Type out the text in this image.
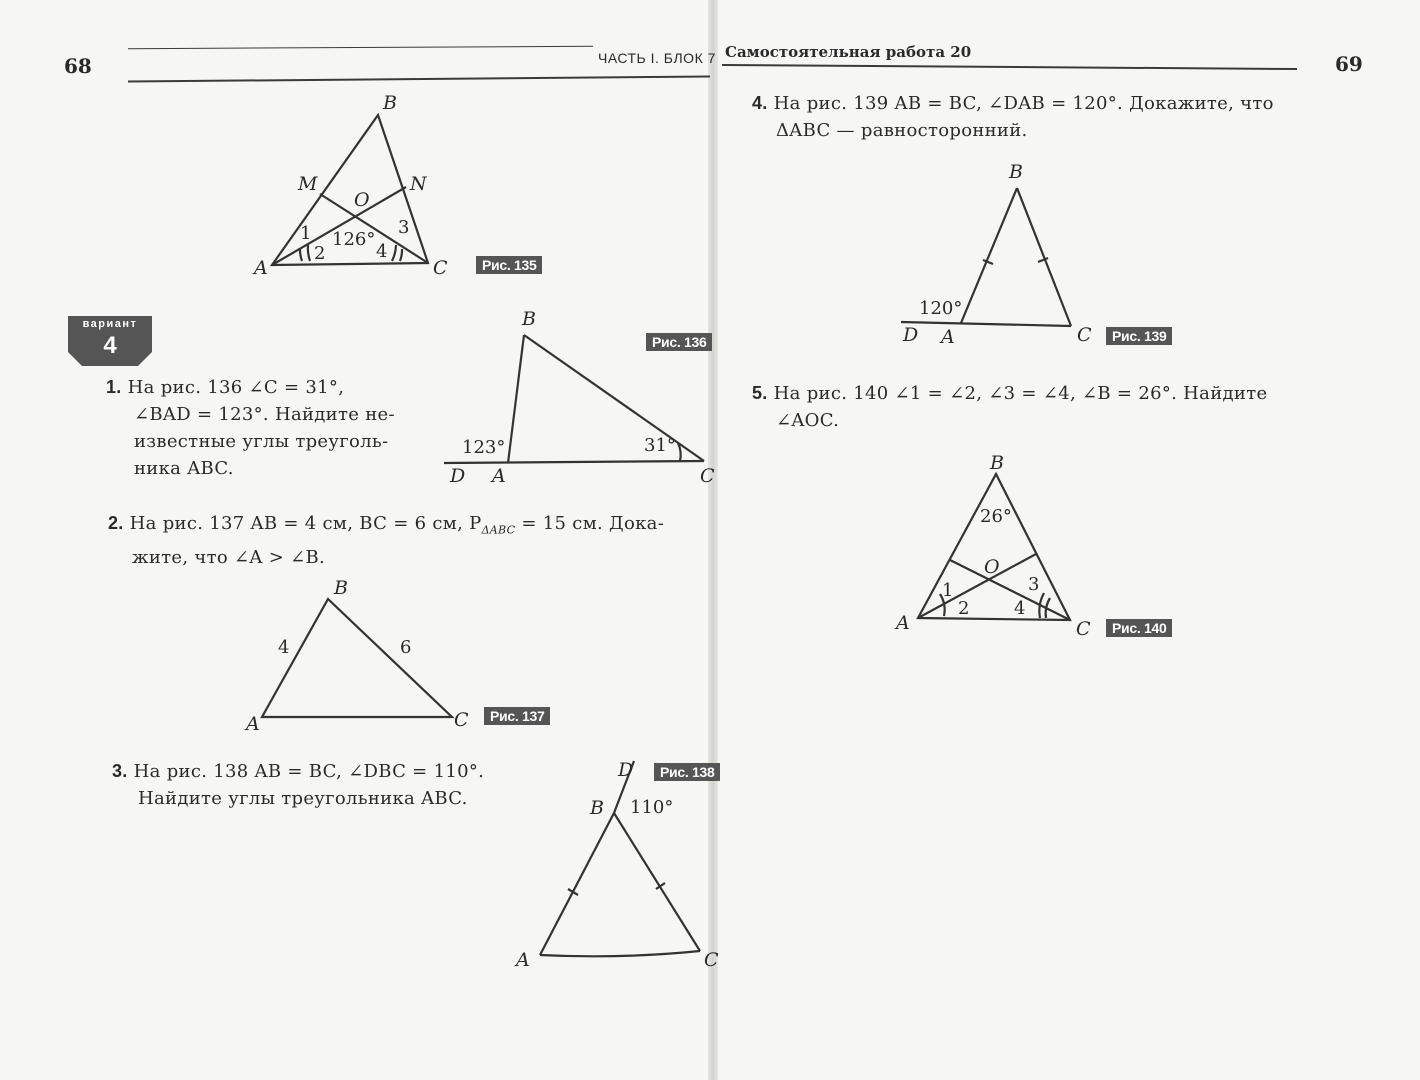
68	ЧАСТЬ I. БЛОК 7
B
M	N
O
A	C
1
2
3
4
126°
Рис. 135
вариант
4
1. На рис. 136 ∠C = 31°,
∠BAD = 123°. Найдите не-
известные углы треуголь-
ника ABC.
B
D A	C
123°	31°
Рис. 136
2. На рис. 137 AB = 4 см, BC = 6 см, $P_{\Delta ABC} = 15$ см. Дока-
жите, что ∠A > ∠B.
B
A	C
4	6
Рис. 137
3. На рис. 138 AB = BC, ∠DBC = 110°.
Найдите углы треугольника ABC.
D
B
A	C
110°
Рис. 138
Самостоятельная работа 20	69
4. На рис. 139 AB = BC, ∠DAB = 120°. Докажите, что
ΔABC — равносторонний.
B
D A	C
120°
Рис. 139
5. На рис. 140 ∠1 = ∠2, ∠3 = ∠4, ∠B = 26°. Найдите
∠AOC.
B
O
A	C
26°
1
2
3
4
Рис. 140
